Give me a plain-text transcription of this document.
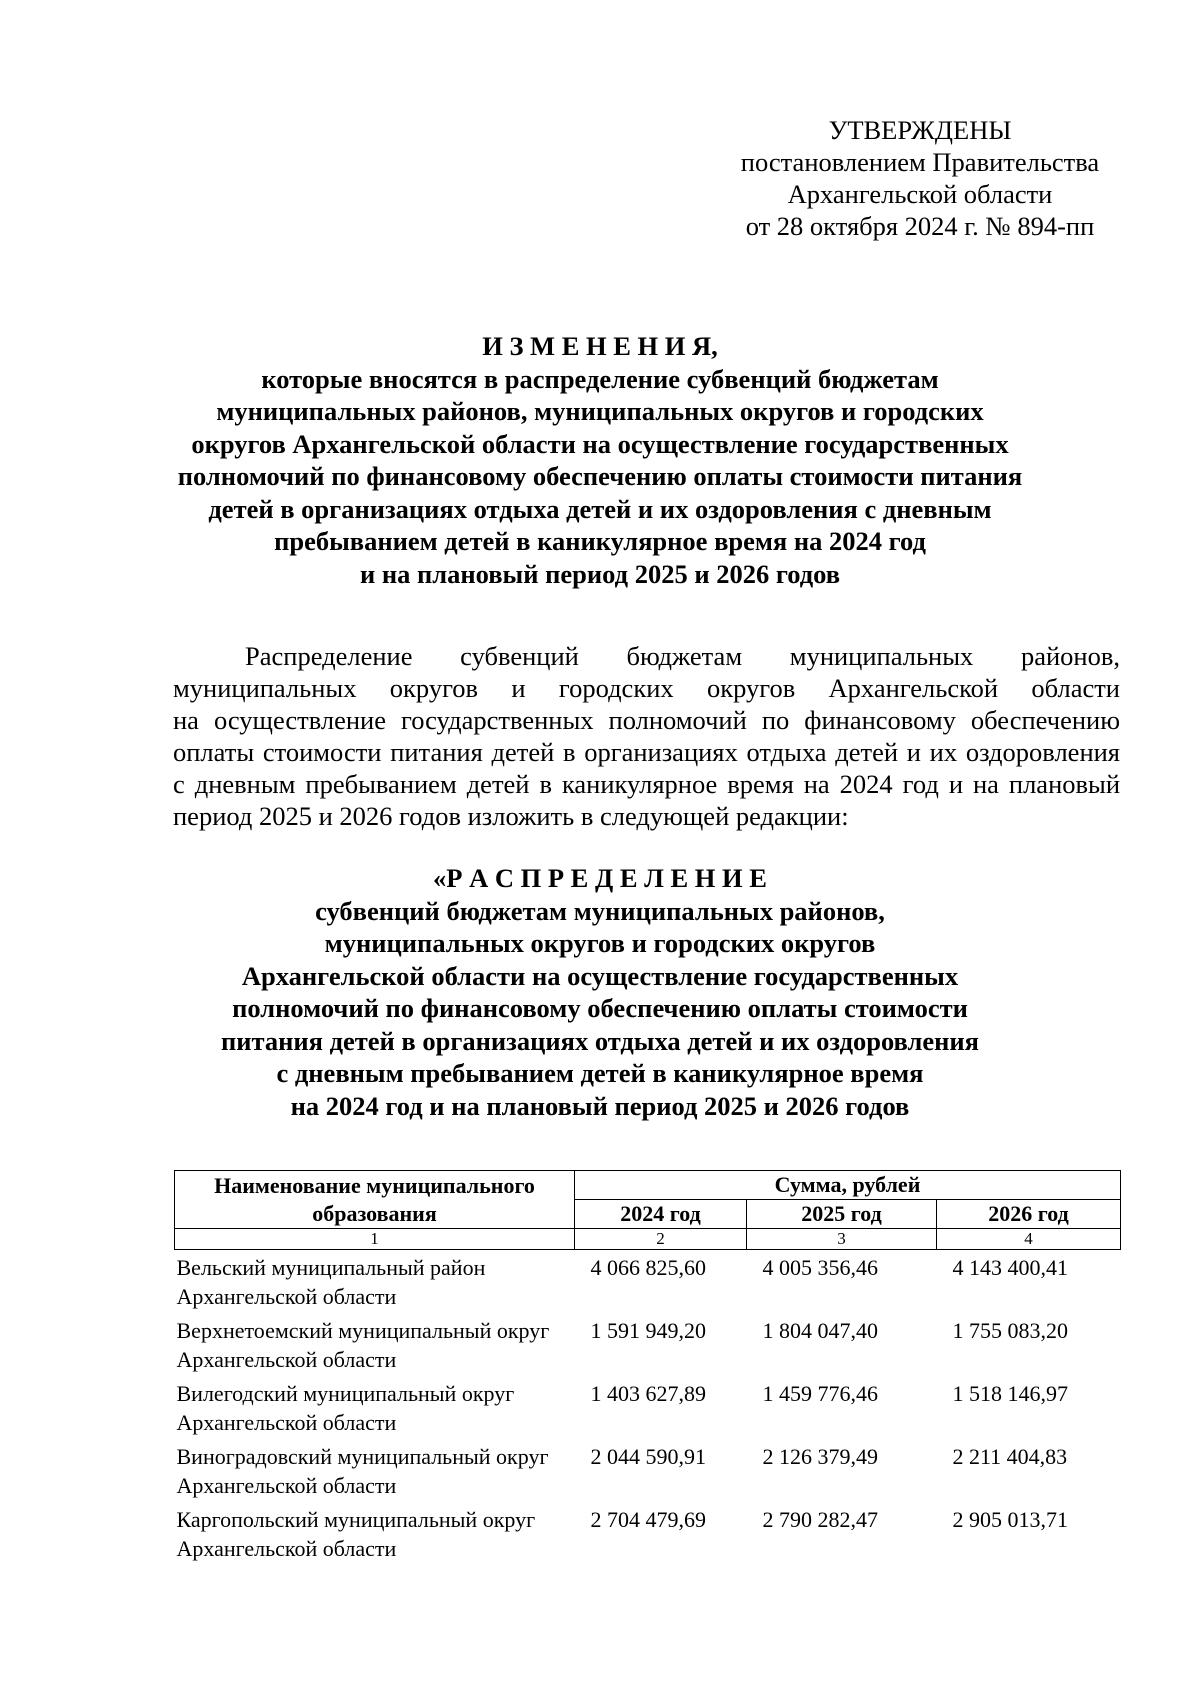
УТВЕРЖДЕНЫ
постановлением Правительства
Архангельской области
от 28 октября 2024 г. № 894-пп
И З М Е Н Е Н И Я,
которые вносятся в распределение субвенций бюджетам
муниципальных районов, муниципальных округов и городских
округов Архангельской области на осуществление государственных
полномочий по финансовому обеспечению оплаты стоимости питания
детей в организациях отдыха детей и их оздоровления с дневным
пребыванием детей в каникулярное время на 2024 год
и на плановый период 2025 и 2026 годов
Распределение субвенций бюджетам муниципальных районов,
муниципальных округов и городских округов Архангельской области
на осуществление государственных полномочий по финансовому обеспечению
оплаты стоимости питания детей в организациях отдыха детей и их оздоровления
с дневным пребыванием детей в каникулярное время на 2024 год и на плановый
период 2025 и 2026 годов изложить в следующей редакции:
«Р А С П Р Е Д Е Л Е Н И Е
субвенций бюджетам муниципальных районов,
муниципальных округов и городских округов
Архангельской области на осуществление государственных
полномочий по финансовому обеспечению оплаты стоимости
питания детей в организациях отдыха детей и их оздоровления
с дневным пребыванием детей в каникулярное время
на 2024 год и на плановый период 2025 и 2026 годов
Наименование муниципального образования	Сумма, рублей		
	2024 год	2025 год	2026 год
1	2	3	4
Вельский муниципальный район Архангельской области	4 066 825,60	4 005 356,46	4 143 400,41
Верхнетоемский муниципальный округ Архангельской области	1 591 949,20	1 804 047,40	1 755 083,20
Вилегодский муниципальный округ Архангельской области	1 403 627,89	1 459 776,46	1 518 146,97
Виноградовский муниципальный округ Архангельской области	2 044 590,91	2 126 379,49	2 211 404,83
Каргопольский муниципальный округ Архангельской области	2 704 479,69	2 790 282,47	2 905 013,71
